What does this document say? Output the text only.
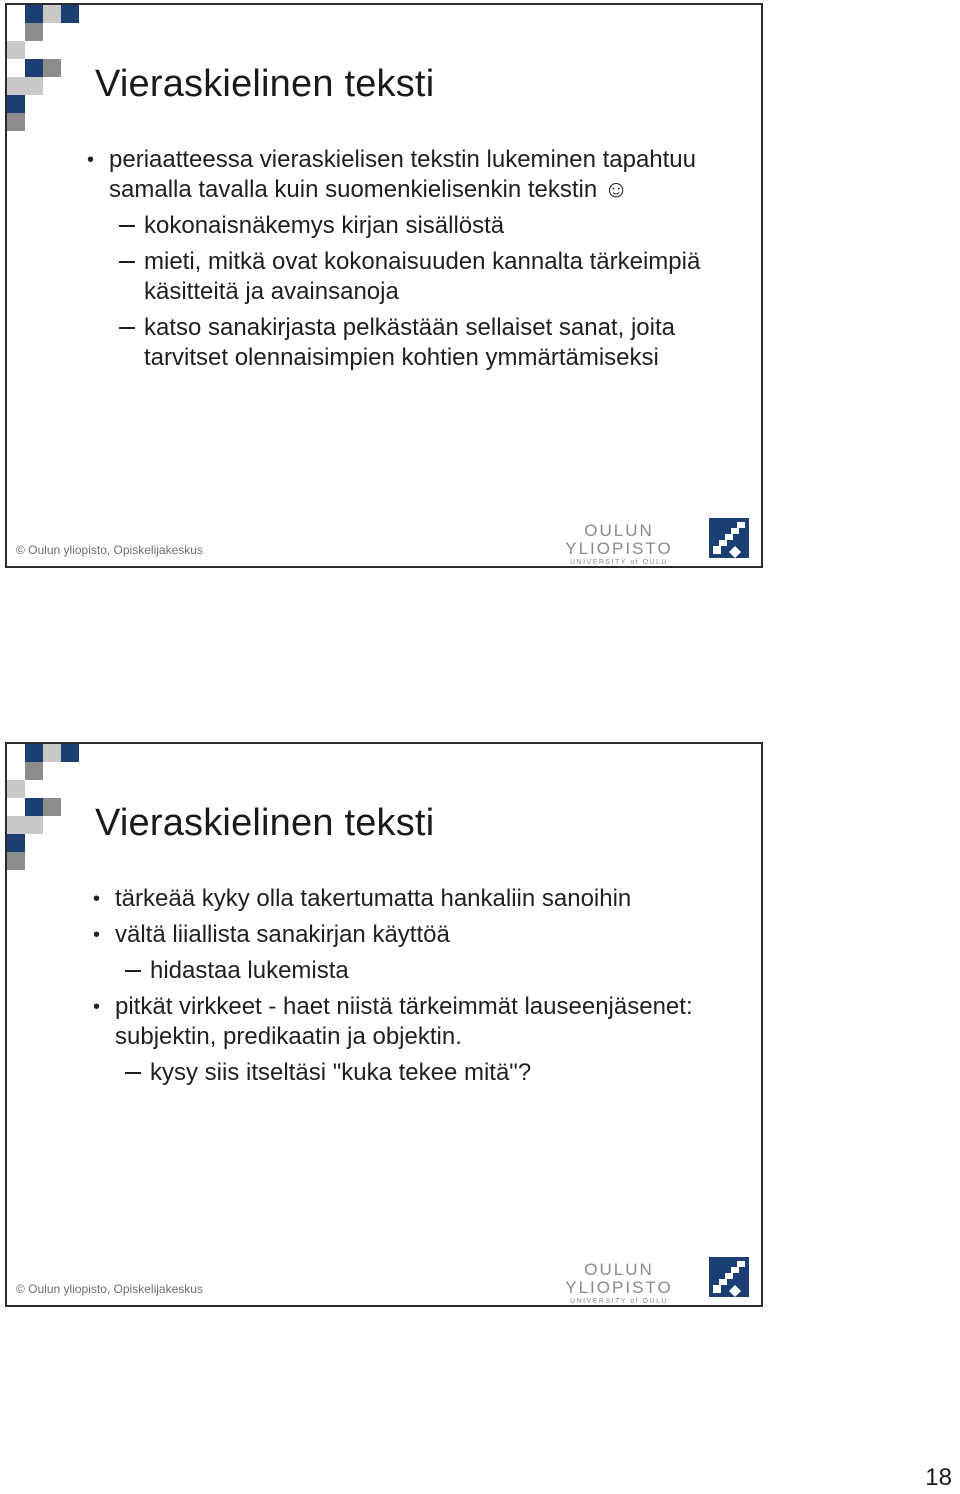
Vieraskielinen teksti

• periaatteessa vieraskielisen tekstin lukeminen tapahtuu samalla tavalla kuin suomenkielisenkin tekstin ☺

kokonaisnäkemys kirjan sisällöstä

mieti, mitkä ovat kokonaisuuden kannalta tärkeimpiä käsitteitä ja avainsanoja

katso sanakirjasta pelkästään sellaiset sanat, joita tarvitset olennaisimpien kohtien ymmärtämiseksi

© Oulun yliopisto, Opiskelijakeskus
OULUN YLIOPISTO
UNIVERSITY of OULU
Vieraskielinen teksti

• tärkeää kyky olla takertumatta hankaliin sanoihin

• vältä liiallista sanakirjan käyttöä

hidastaa lukemista

• pitkät virkkeet - haet niistä tärkeimmät lauseenjäsenet: subjektin, predikaatin ja objektin.

kysy siis itseltäsi "kuka tekee mitä"?

© Oulun yliopisto, Opiskelijakeskus
OULUN YLIOPISTO
UNIVERSITY of OULU
18
